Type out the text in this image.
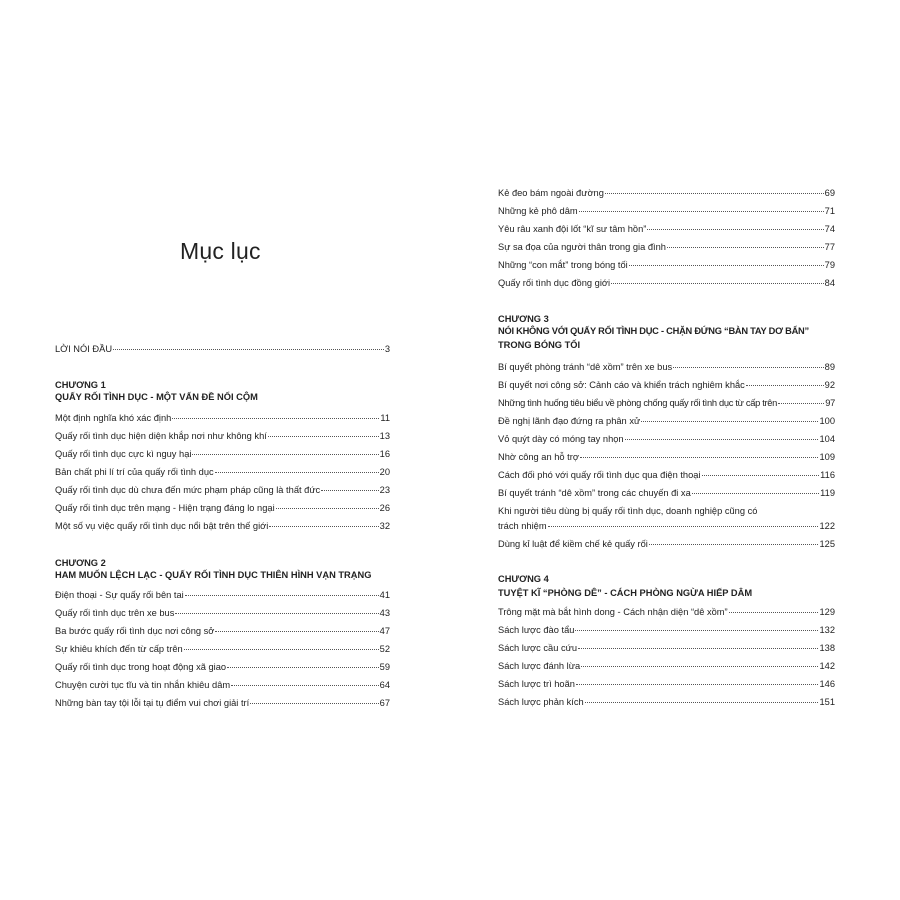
Mục lục
LỜI NÓI ĐẦU	3
CHƯƠNG 1
QUẤY RỐI TÌNH DỤC - MỘT VẤN ĐỀ NỔI CỘM
Một định nghĩa khó xác định	11
Quấy rối tình dục hiện diện khắp nơi như không khí	13
Quấy rối tình dục cực kì nguy hại	16
Bản chất phi lí trí của quấy rối tình dục	20
Quấy rối tình dục dù chưa đến mức phạm pháp cũng là thất đức	23
Quấy rối tình dục trên mạng - Hiện trạng đáng lo ngại	26
Một số vụ việc quấy rối tình dục nổi bật trên thế giới	32
CHƯƠNG 2
HAM MUỐN LỆCH LẠC - QUẤY RỐI TÌNH DỤC THIÊN HÌNH VẠN TRẠNG
Điện thoại - Sự quấy rối bên tai	41
Quấy rối tình dục trên xe bus	43
Ba bước quấy rối tình dục nơi công sở	47
Sự khiêu khích đến từ cấp trên	52
Quấy rối tình dục trong hoạt động xã giao	59
Chuyện cười tục tĩu và tin nhắn khiêu dâm	64
Những bàn tay tội lỗi tại tụ điểm vui chơi giải trí	67
Kẻ đeo bám ngoài đường	69
Những kẻ phô dâm	71
Yêu râu xanh đội lốt “kĩ sư tâm hồn”	74
Sự sa đọa của người thân trong gia đình	77
Những “con mắt” trong bóng tối	79
Quấy rối tình dục đồng giới	84
CHƯƠNG 3
NÓI KHÔNG VỚI QUẤY RỐI TÌNH DỤC - CHẶN ĐỨNG “BÀN TAY DƠ BẨN”
TRONG BÓNG TỐI
Bí quyết phòng tránh “dê xồm” trên xe bus	89
Bí quyết nơi công sở: Cảnh cáo và khiển trách nghiêm khắc	92
Những tình huống tiêu biểu về phòng chống quấy rối tình dục từ cấp trên	97
Đề nghị lãnh đạo đứng ra phân xử	100
Vỏ quýt dày có móng tay nhọn	104
Nhờ công an hỗ trợ	109
Cách đối phó với quấy rối tình dục qua điện thoại	116
Bí quyết tránh “dê xồm” trong các chuyến đi xa	119
Khi người tiêu dùng bị quấy rối tình dục, doanh nghiệp cũng có
trách nhiệm	122
Dùng kỉ luật để kiềm chế kẻ quấy rối	125
CHƯƠNG 4
TUYỆT KĨ “PHÒNG DÊ” - CÁCH PHÒNG NGỪA HIẾP DÂM
Trông mặt mà bắt hình dong - Cách nhận diện “dê xồm”	129
Sách lược đào tẩu	132
Sách lược cầu cứu	138
Sách lược đánh lừa	142
Sách lược trì hoãn	146
Sách lược phản kích	151
